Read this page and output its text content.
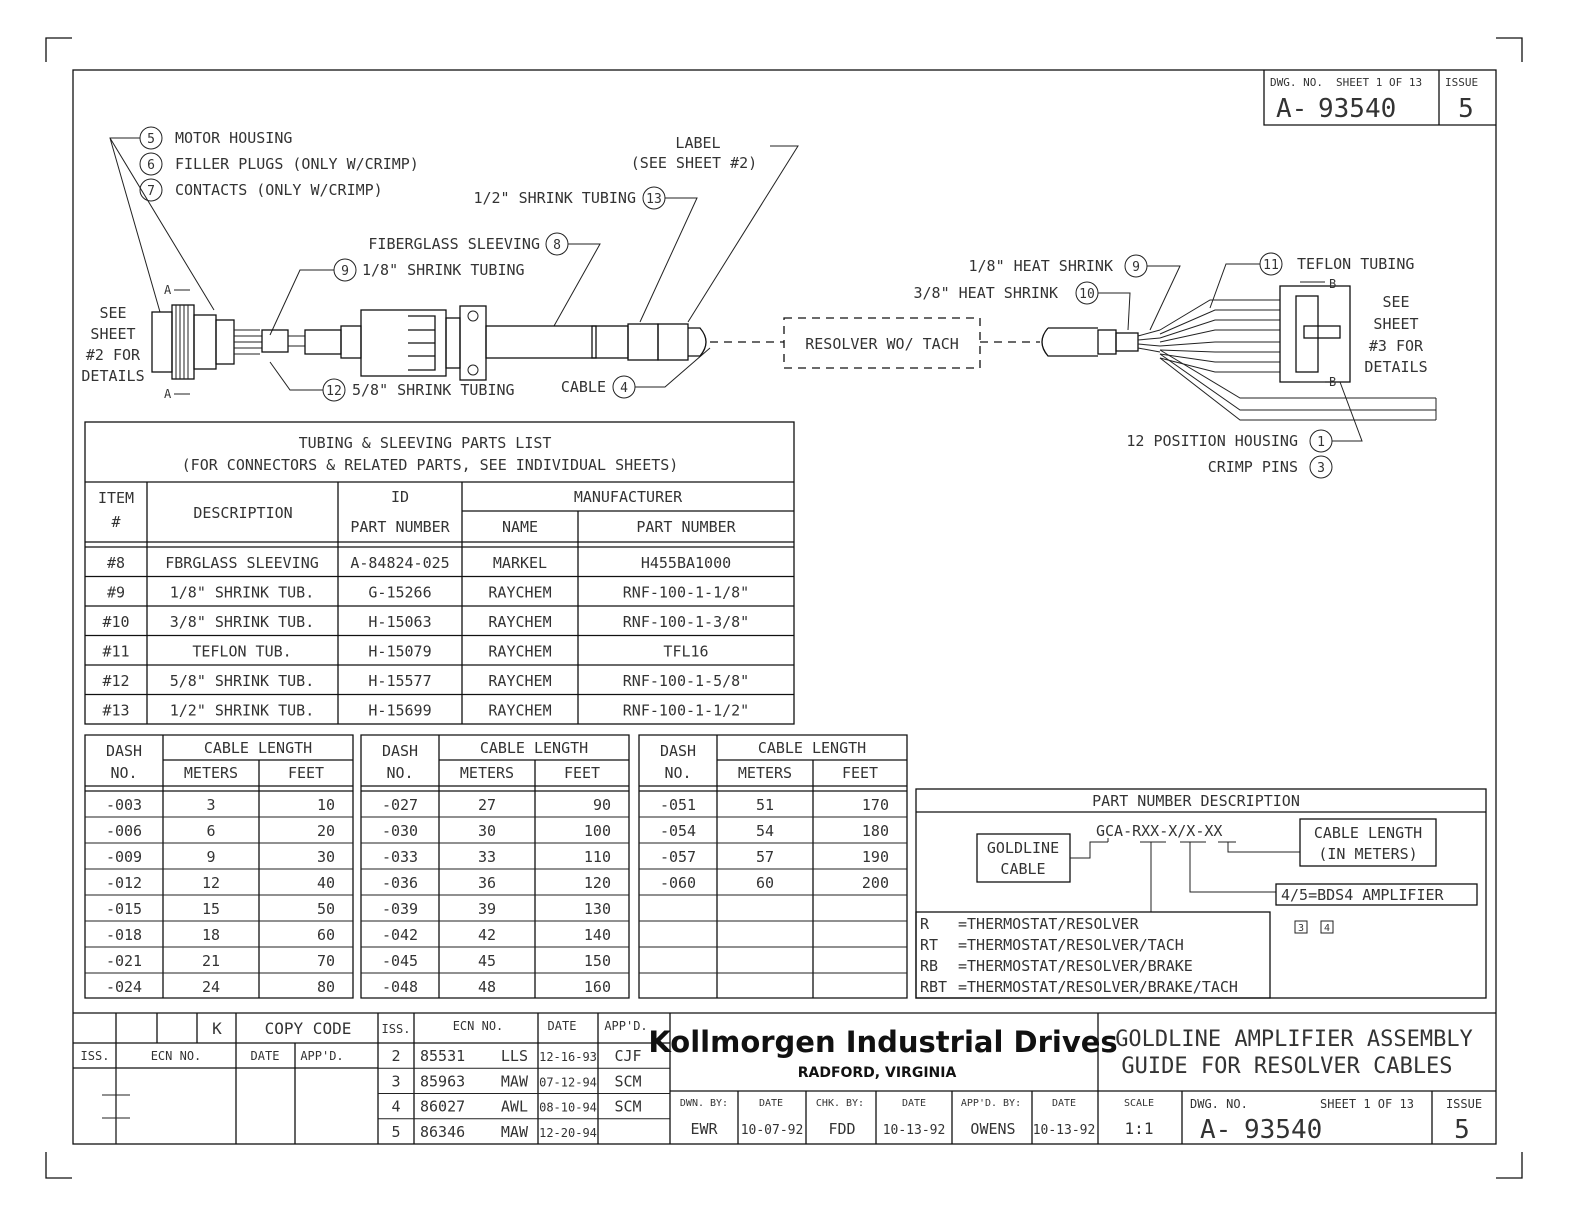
DWG. NO. SHEET 1 OF 13 ISSUE
A- 93540 5
5
6
7
MOTOR HOUSING
FILLER PLUGS (ONLY W/CRIMP)
CONTACTS (ONLY W/CRIMP)
LABEL
(SEE SHEET #2)
1/2" SHRINK TUBING 13
FIBERGLASS SLEEVING 8
9 1/8" SHRINK TUBING
12 5/8" SHRINK TUBING	CABLE 4
SEE
SHEET
#2 FOR
DETAILS
A
A
RESOLVER WO/ TACH
B
B
SEE
SHEET
#3 FOR
DETAILS
1/8" HEAT SHRINK 9
3/8" HEAT SHRINK 10
11 TEFLON TUBING
12 POSITION HOUSING 1
CRIMP PINS 3
TUBING & SLEEVING PARTS LIST
(FOR CONNECTORS & RELATED PARTS, SEE INDIVIDUAL SHEETS)
ITEM
#	DESCRIPTION
ID
PART NUMBER
MANUFACTURER
NAME	PART NUMBER
#8	FBRGLASS SLEEVING A-84824-025	MARKEL	H455BA1000
#9	1/8" SHRINK TUB.	G-15266	RAYCHEM	RNF-100-1-1/8"
#10	3/8" SHRINK TUB.	H-15063	RAYCHEM	RNF-100-1-3/8"
#11	TEFLON TUB.	H-15079	RAYCHEM	TFL16
#12	5/8" SHRINK TUB.	H-15577	RAYCHEM	RNF-100-1-5/8"
#13	1/2" SHRINK TUB.	H-15699	RAYCHEM	RNF-100-1-1/2"
DASH
NO.
CABLE LENGTH
METERS	FEET
-003	3	10
-006	6	20
-009	9	30
-012	12	40
-015	15	50
-018	18	60
-021	21	70
-024	24	80
DASH
NO.
CABLE LENGTH
METERS	FEET
-027	27	90
-030	30	100
-033	33	110
-036	36	120
-039	39	130
-042	42	140
-045	45	150
-048	48	160
DASH
NO.
CABLE LENGTH
METERS	FEET
-051	51	170
-054	54	180
-057	57	190
-060	60	200
PART NUMBER DESCRIPTION
GOLDLINE
CABLE
GCA-RXX-X/X-XX	CABLE LENGTH
(IN METERS)
4/5=BDS4 AMPLIFIER
3 4
R =THERMOSTAT/RESOLVER
RT =THERMOSTAT/RESOLVER/TACH
RB =THERMOSTAT/RESOLVER/BRAKE
RBT =THERMOSTAT/RESOLVER/BRAKE/TACH
K	COPY CODE
ISS.	ECN NO.	DATE APP'D.
ISS.	ECN NO.	DATE APP'D.
2 85531 LLS 12-16-93 CJF
3 85963 MAW 07-12-94 SCM
4 86027 AWL 08-10-94 SCM
5 86346 MAW 12-20-94
Kollmorgen Industrial Drives
RADFORD, VIRGINIA
GOLDLINE AMPLIFIER ASSEMBLY
GUIDE FOR RESOLVER CABLES
DWN. BY:	DATE	CHK. BY:	DATE	APP'D. BY:	DATE	SCALE
EWR 10-07-92 FDD 10-13-92 OWENS 10-13-92 1:1
DWG. NO.	SHEET 1 OF 13	ISSUE
A- 93540	5
